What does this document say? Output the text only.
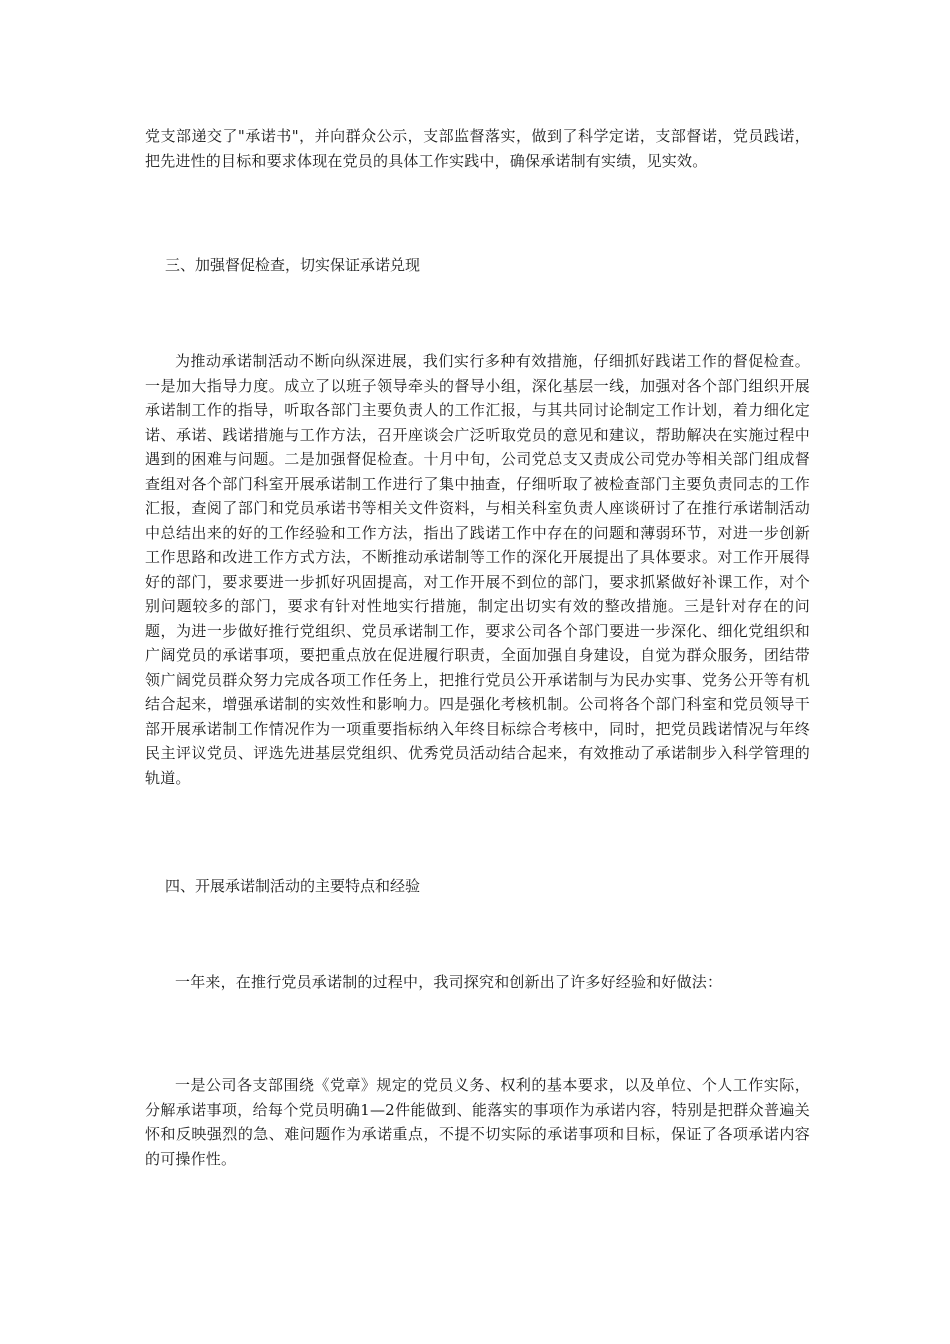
党支部递交了"承诺书"，并向群众公示，支部监督落实，做到了科学定诺，支部督诺，党员践诺，把先进性的目标和要求体现在党员的具体工作实践中，确保承诺制有实绩，见实效。

三、加强督促检查，切实保证承诺兑现

为推动承诺制活动不断向纵深进展，我们实行多种有效措施，仔细抓好践诺工作的督促检查。一是加大指导力度。成立了以班子领导牵头的督导小组，深化基层一线，加强对各个部门组织开展承诺制工作的指导，听取各部门主要负责人的工作汇报，与其共同讨论制定工作计划，着力细化定诺、承诺、践诺措施与工作方法，召开座谈会广泛听取党员的意见和建议，帮助解决在实施过程中遇到的困难与问题。二是加强督促检查。十月中旬，公司党总支又责成公司党办等相关部门组成督查组对各个部门科室开展承诺制工作进行了集中抽查，仔细听取了被检查部门主要负责同志的工作汇报，查阅了部门和党员承诺书等相关文件资料，与相关科室负责人座谈研讨了在推行承诺制活动中总结出来的好的工作经验和工作方法，指出了践诺工作中存在的问题和薄弱环节，对进一步创新工作思路和改进工作方式方法，不断推动承诺制等工作的深化开展提出了具体要求。对工作开展得好的部门，要求要进一步抓好巩固提高，对工作开展不到位的部门，要求抓紧做好补课工作，对个别问题较多的部门，要求有针对性地实行措施，制定出切实有效的整改措施。三是针对存在的问题，为进一步做好推行党组织、党员承诺制工作，要求公司各个部门要进一步深化、细化党组织和广阔党员的承诺事项，要把重点放在促进履行职责，全面加强自身建设，自觉为群众服务，团结带领广阔党员群众努力完成各项工作任务上，把推行党员公开承诺制与为民办实事、党务公开等有机结合起来，增强承诺制的实效性和影响力。四是强化考核机制。公司将各个部门科室和党员领导干部开展承诺制工作情况作为一项重要指标纳入年终目标综合考核中，同时，把党员践诺情况与年终民主评议党员、评选先进基层党组织、优秀党员活动结合起来，有效推动了承诺制步入科学管理的轨道。

四、开展承诺制活动的主要特点和经验

一年来，在推行党员承诺制的过程中，我司探究和创新出了许多好经验和好做法：

一是公司各支部围绕《党章》规定的党员义务、权利的基本要求，以及单位、个人工作实际，分解承诺事项，给每个党员明确1—2件能做到、能落实的事项作为承诺内容，特别是把群众普遍关怀和反映强烈的急、难问题作为承诺重点，不提不切实际的承诺事项和目标，保证了各项承诺内容的可操作性。
